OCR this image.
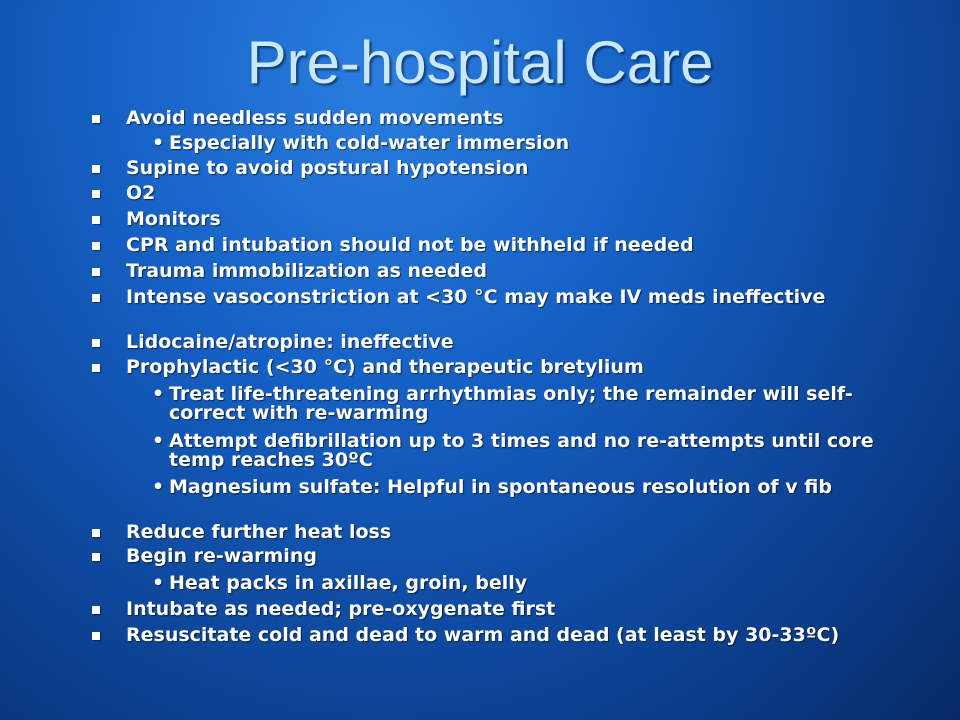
Pre-hospital Care
Avoid needless sudden movements
• Especially with cold-water immersion
Supine to avoid postural hypotension
O2
Monitors
CPR and intubation should not be withheld if needed
Trauma immobilization as needed
Intense vasoconstriction at <30 °C may make IV meds ineffective
Lidocaine/atropine: ineffective
Prophylactic (<30 °C) and therapeutic bretylium
• Treat life-threatening arrhythmias only; the remainder will self-correct with re-warming
• Attempt defibrillation up to 3 times and no re-attempts until core temp reaches 30ºC
• Magnesium sulfate: Helpful in spontaneous resolution of v fib
Reduce further heat loss
Begin re-warming
• Heat packs in axillae, groin, belly
Intubate as needed; pre-oxygenate first
Resuscitate cold and dead to warm and dead (at least by 30-33ºC)
